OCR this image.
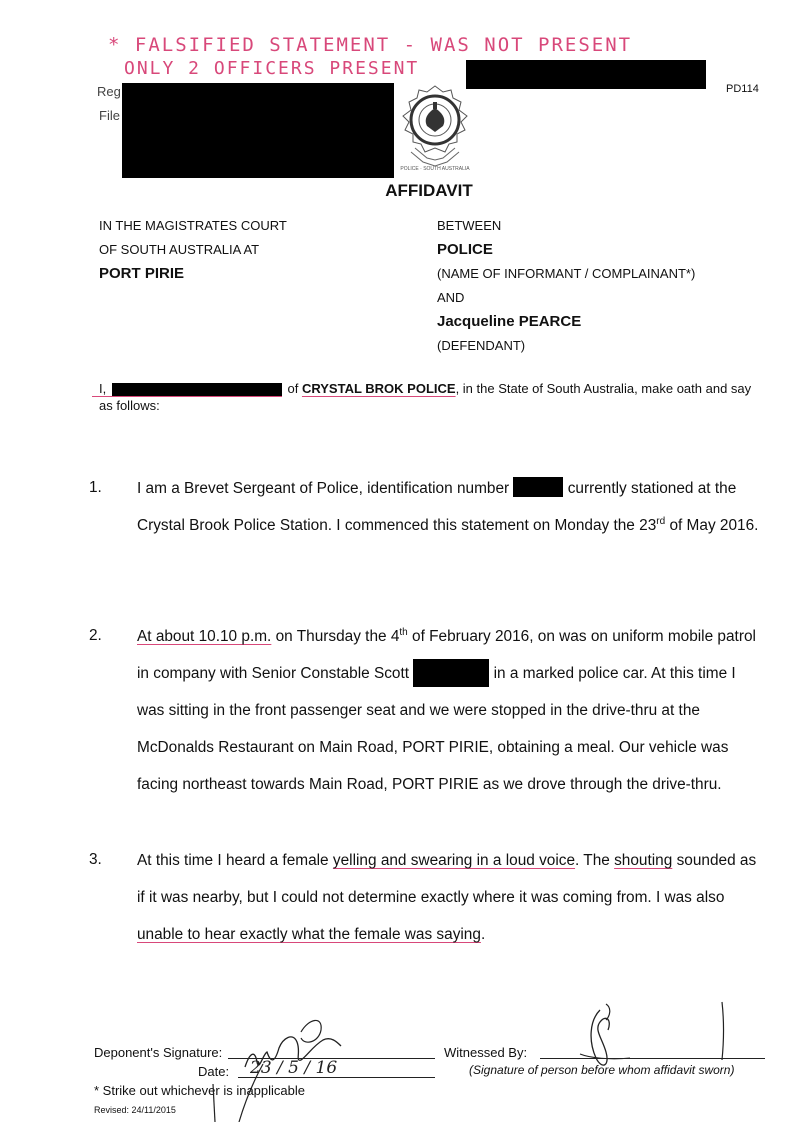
* FALSIFIED STATEMENT - WAS NOT PRESENT
ONLY 2 OFFICERS PRESENT
Reg
File
PD114
POLICE · SOUTH AUSTRALIA
AFFIDAVIT
IN THE MAGISTRATES COURT
OF SOUTH AUSTRALIA AT
PORT PIRIE
BETWEEN
POLICE
(NAME OF INFORMANT / COMPLAINANT*)
AND
Jacqueline PEARCE
(DEFENDANT)
I,	of CRYSTAL BROK POLICE, in the State of South Australia, make oath and say
as follows:
1. I am a Brevet Sergeant of Police, identification number	currently stationed at the Crystal Brook Police Station. I commenced this statement on Monday the 23rd of May 2016.
2. At about 10.10 p.m. on Thursday the 4th of February 2016, on was on uniform mobile patrol in company with Senior Constable Scott	in a marked police car. At this time I was sitting in the front passenger seat and we were stopped in the drive-thru at the McDonalds Restaurant on Main Road, PORT PIRIE, obtaining a meal. Our vehicle was facing northeast towards Main Road, PORT PIRIE as we drove through the drive-thru.
3. At this time I heard a female yelling and swearing in a loud voice. The shouting sounded as if it was nearby, but I could not determine exactly where it was coming from. I was also unable to hear exactly what the female was saying.
Deponent's Signature:
Date: 23 / 5 / 16
* Strike out whichever is inapplicable
Revised: 24/11/2015
Witnessed By:
(Signature of person before whom affidavit sworn)
